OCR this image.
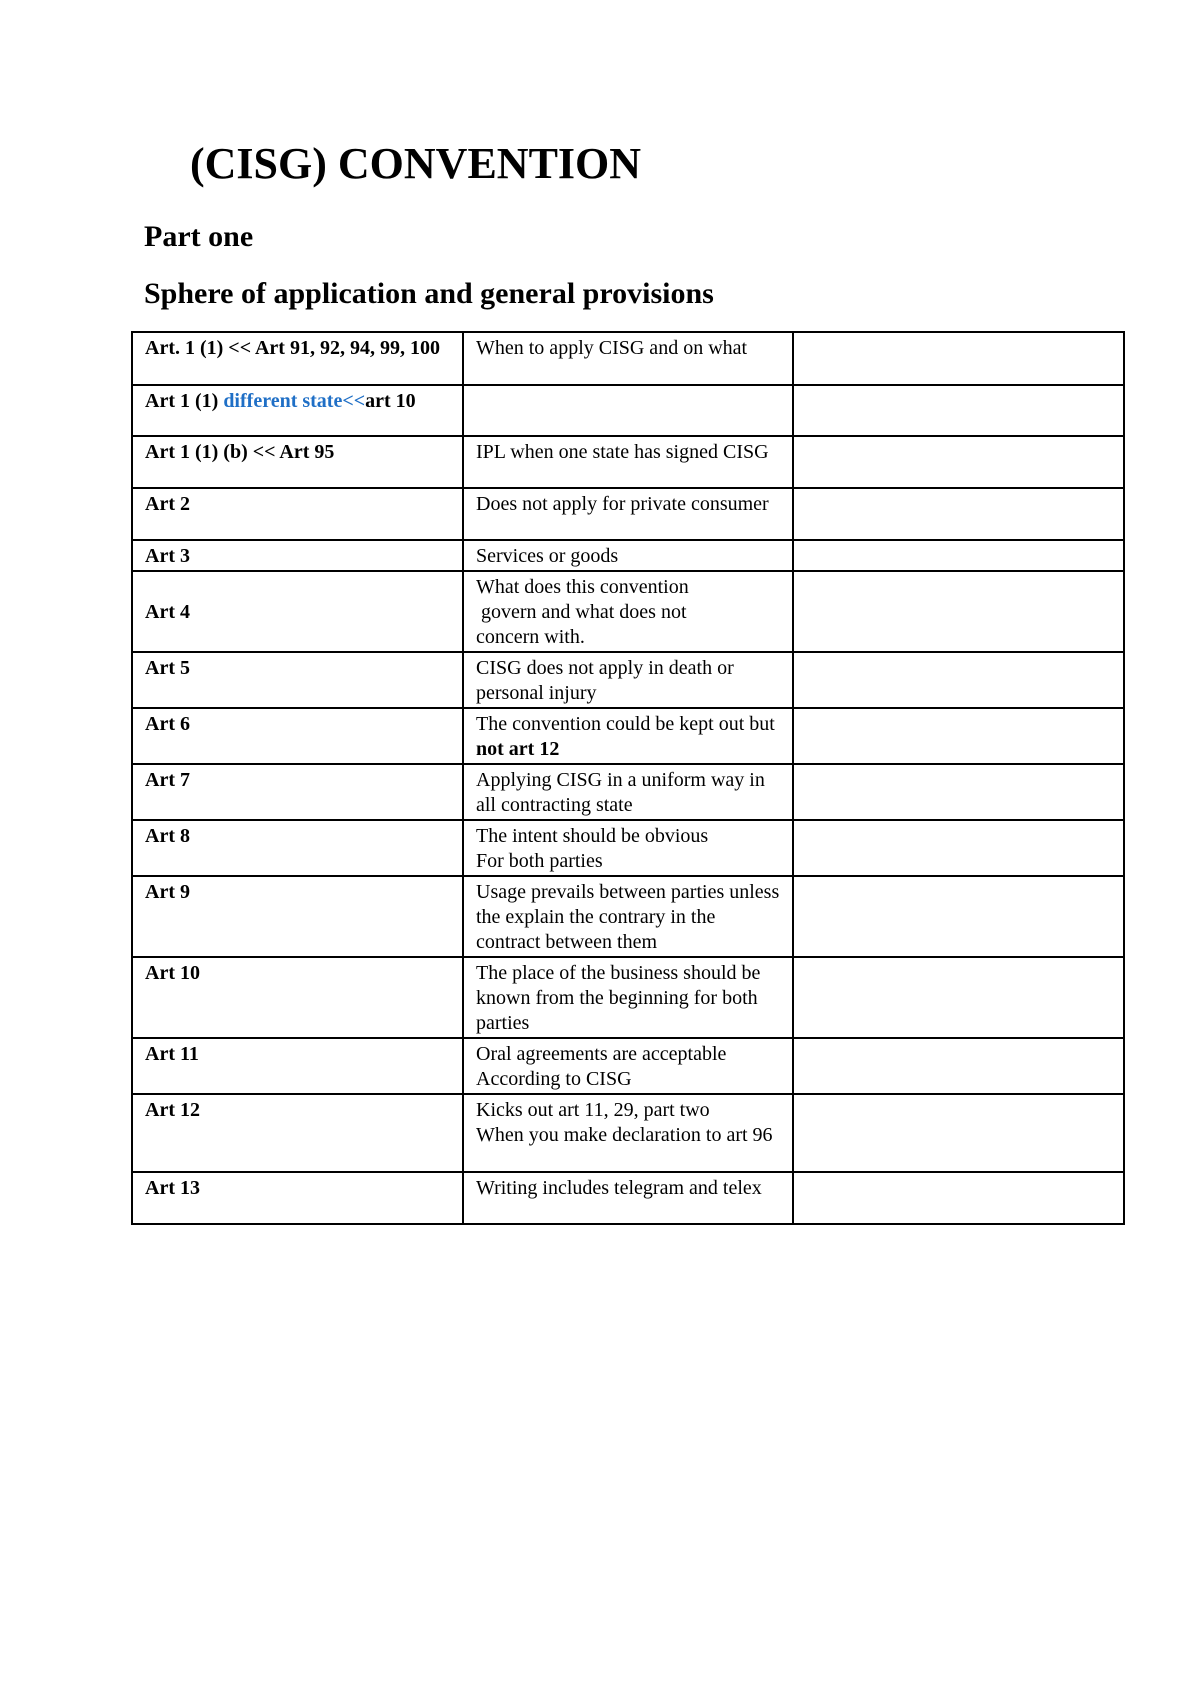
(CISG) CONVENTION
Part one
Sphere of application and general provisions
Art. 1 (1) << Art 91, 92, 94, 99, 100	When to apply CISG and on what	
Art 1 (1) different state<<art 10		
Art 1 (1) (b) << Art 95	IPL when one state has signed CISG	
Art 2	Does not apply for private consumer	
Art 3	Services or goods	
Art 4	What does this convention
govern and what does not
concern with.	

Art 5	CISG does not apply in death or personal injury	
Art 6	The convention could be kept out but not art 12	
Art 7	Applying CISG in a uniform way in all contracting state	
Art 8	The intent should be obvious
For both parties	

Art 9	Usage prevails between parties unless the explain the contrary in the contract between them	
Art 10	The place of the business should be known from the beginning for both parties	
Art 11	Oral agreements are acceptable
According to CISG	

Art 12	Kicks out art 11, 29, part two
When you make declaration to art 96	

Art 13	Writing includes telegram and telex	
